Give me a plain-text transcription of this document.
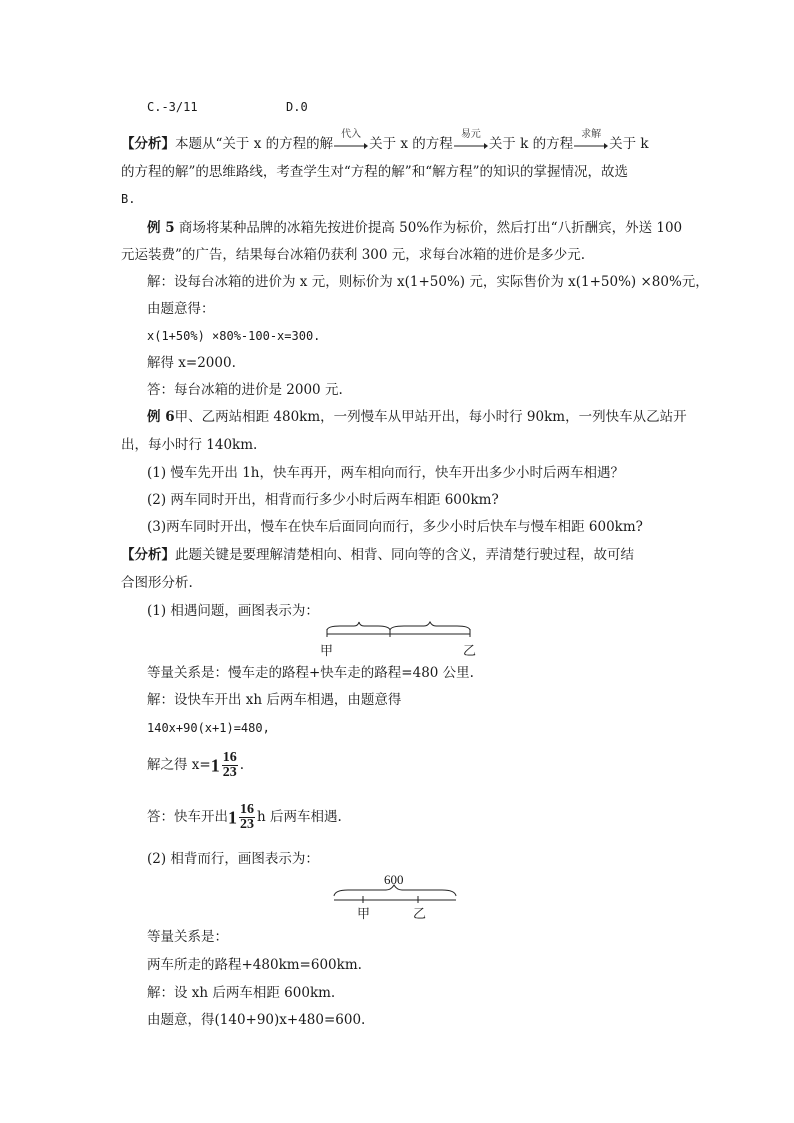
C.-3/11	D.0
【分析】本题从“关于 x 的方程的解
代入
关于 x 的方程
易元
关于 k 的方程
求解
关于 k
的方程的解”的思维路线，考查学生对“方程的解”和“解方程”的知识的掌握情况，故选
B.
例 5 商场将某种品牌的冰箱先按进价提高 50%作为标价，然后打出“八折酬宾，外送 100
元运装费”的广告，结果每台冰箱仍获利 300 元，求每台冰箱的进价是多少元.
解：设每台冰箱的进价为 x 元，则标价为 x(1+50%) 元，实际售价为 x(1+50%) ×80%元，
由题意得：
x(1+50%) ×80%-100-x=300.
解得 x=2000.
答：每台冰箱的进价是 2000 元.
例 6甲、乙两站相距 480km，一列慢车从甲站开出，每小时行 90km，一列快车从乙站开
出，每小时行 140km.
(1) 慢车先开出 1h，快车再开，两车相向而行，快车开出多少小时后两车相遇？
(2) 两车同时开出，相背而行多少小时后两车相距 600km?
(3)两车同时开出，慢车在快车后面同向而行，多少小时后快车与慢车相距 600km?
【分析】此题关键是要理解清楚相向、相背、同向等的含义，弄清楚行驶过程，故可结
合图形分析.
(1) 相遇问题，画图表示为：
甲	乙
等量关系是：慢车走的路程+快车走的路程=480 公里.
解：设快车开出 xh 后两车相遇，由题意得
140x+90(x+1)=480,
解之得 $x=1 \frac{16}{23}$ .
答：快车开出$1 \frac{16}{23}$ h 后两车相遇.
(2) 相背而行，画图表示为：
600
甲	乙
等量关系是：
两车所走的路程+480km=600km.
解：设 xh 后两车相距 600km.
由题意，得(140+90)x+480=600.
